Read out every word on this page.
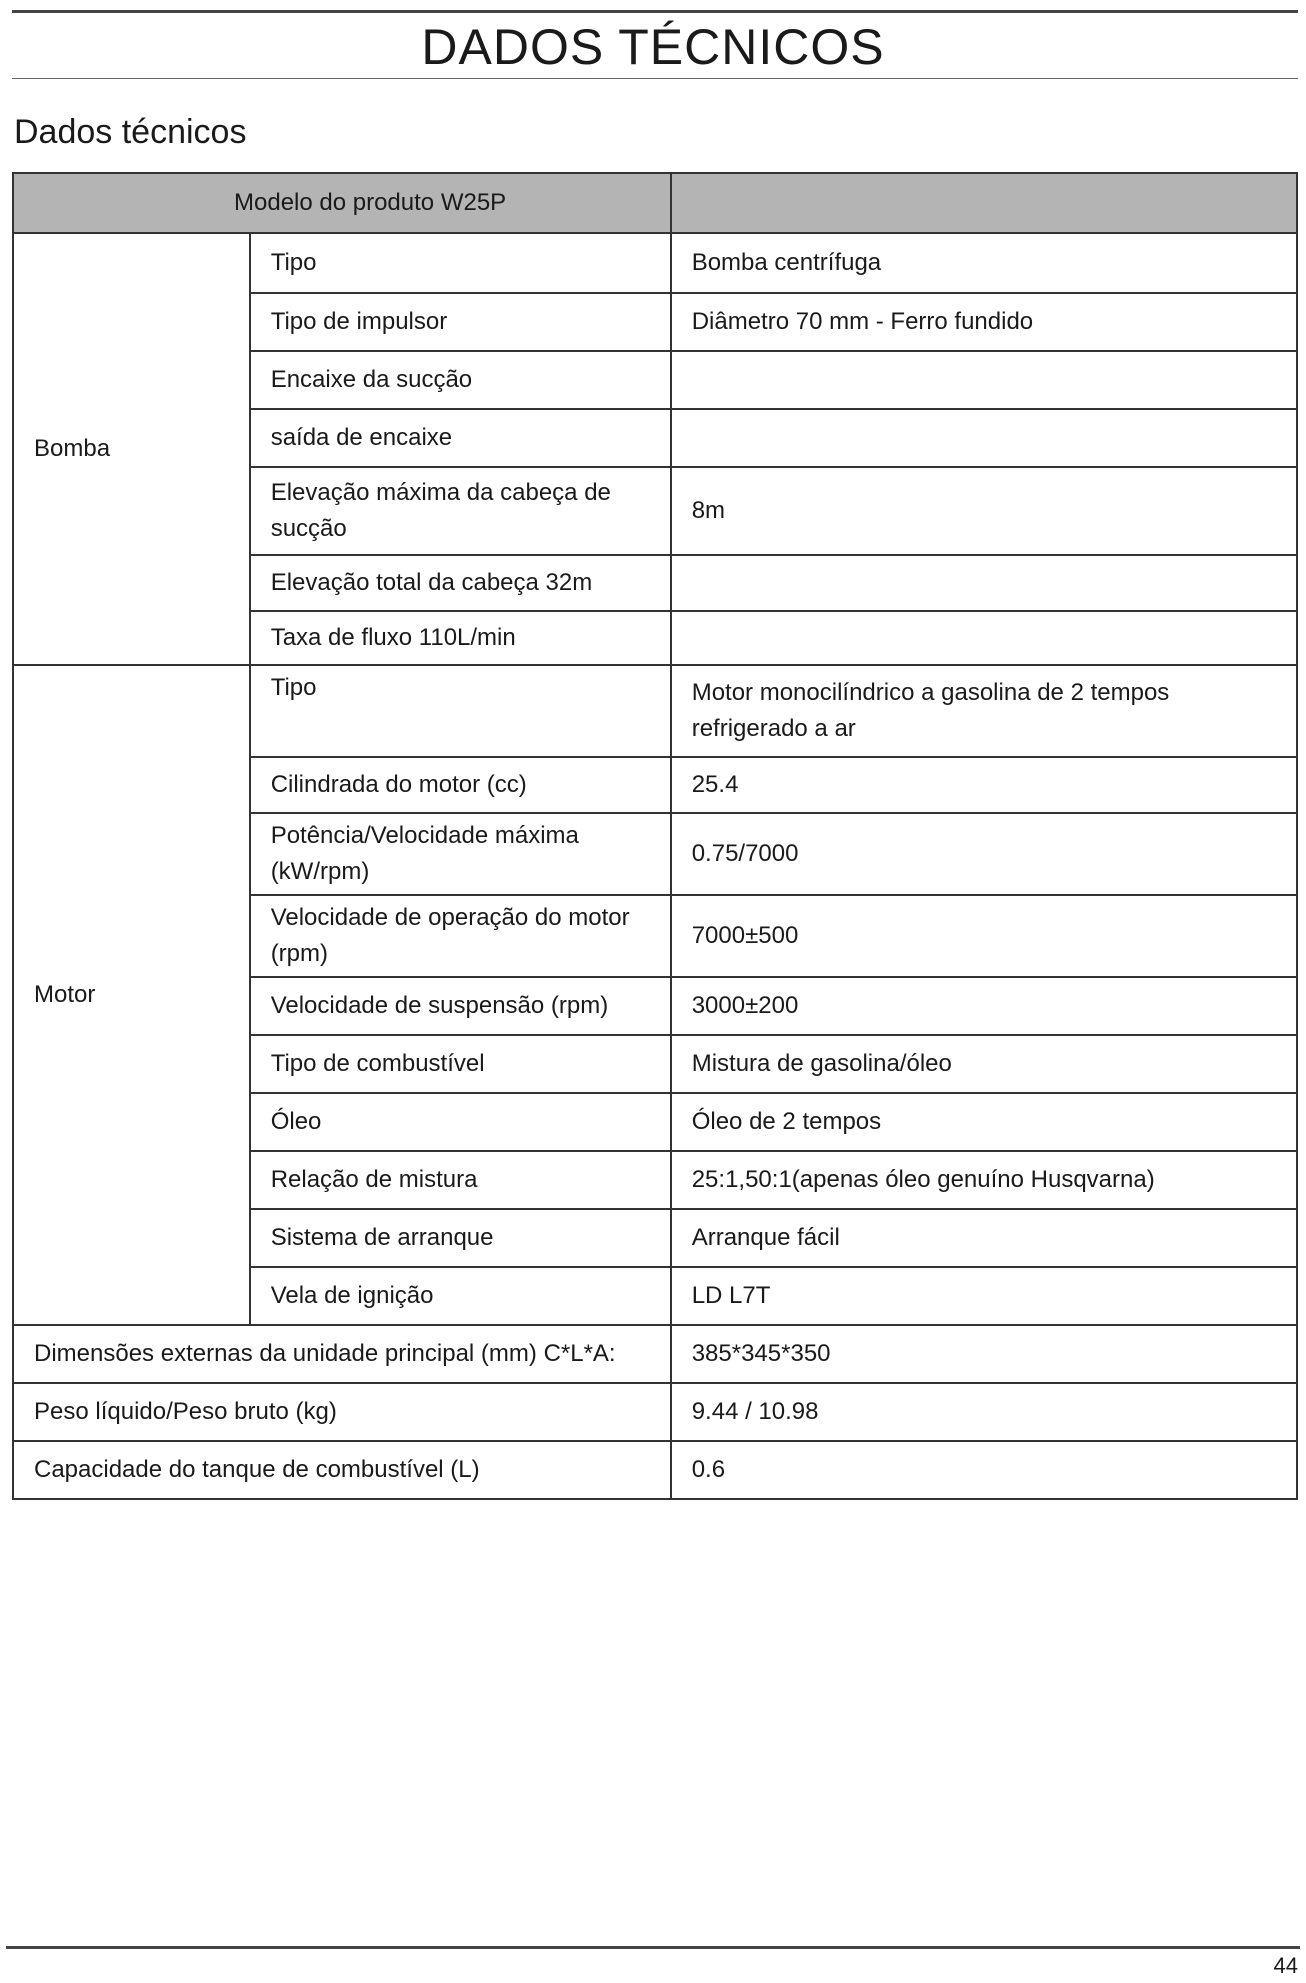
DADOS TÉCNICOS
Dados técnicos
Modelo do produto W25P		
Bomba	Tipo	Bomba centrífuga
	Tipo de impulsor	Diâmetro 70 mm - Ferro fundido
	Encaixe da sucção	
	saída de encaixe	
	Elevação máxima da cabeça de sucção	8m
	Elevação total da cabeça 32m	
	Taxa de fluxo 110L/min	
Motor	Tipo	Motor monocilíndrico a gasolina de 2 tempos refrigerado a ar
	Cilindrada do motor (cc)	25.4
	Potência/Velocidade máxima (kW/rpm)	0.75/7000
	Velocidade de operação do motor (rpm)	7000±500
	Velocidade de suspensão (rpm)	3000±200
	Tipo de combustível	Mistura de gasolina/óleo
	Óleo	Óleo de 2 tempos
	Relação de mistura	25:1,50:1(apenas óleo genuíno Husqvarna)
	Sistema de arranque	Arranque fácil
	Vela de ignição	LD L7T
Dimensões externas da unidade principal (mm) C*L*A:		385*345*350
Peso líquido/Peso bruto (kg)		9.44 / 10.98
Capacidade do tanque de combustível (L)		0.6
44
